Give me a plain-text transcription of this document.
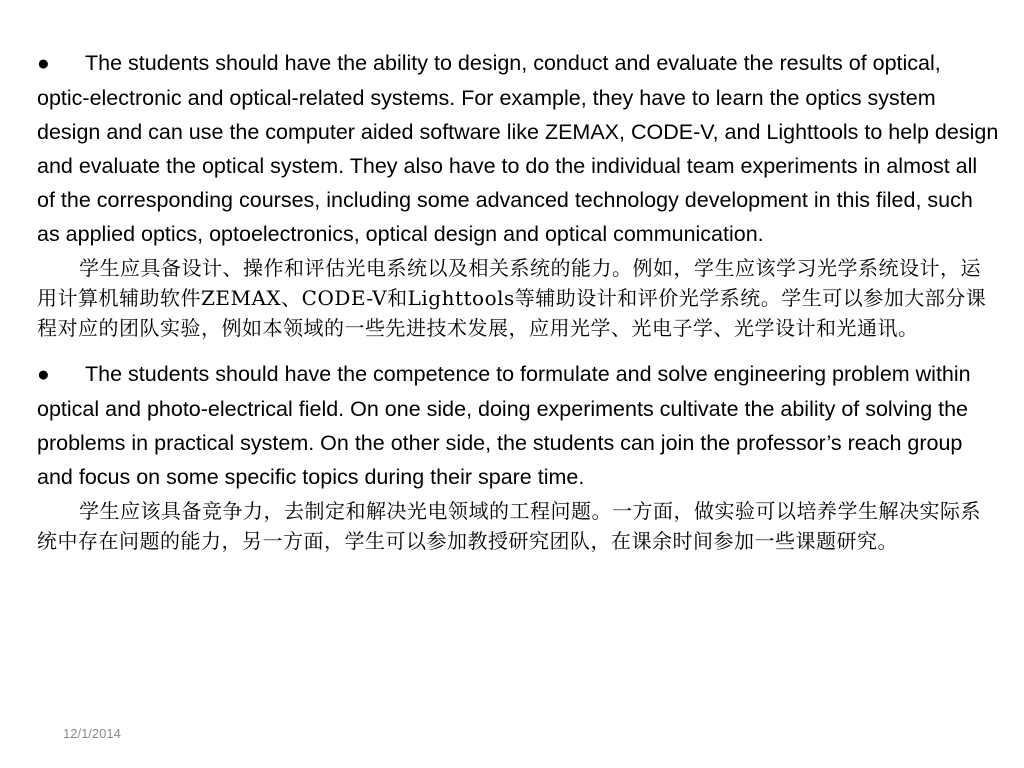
● The students should have the ability to design, conduct and evaluate the results of optical, optic-electronic and optical-related systems. For example, they have to learn the optics system design and can use the computer aided software like ZEMAX, CODE-V, and Lighttools to help design and evaluate the optical system. They also have to do the individual team experiments in almost all of the corresponding courses, including some advanced technology development in this filed, such as applied optics, optoelectronics, optical design and optical communication.

学生应具备设计、操作和评估光电系统以及相关系统的能力。例如，学生应该学习光学系统设计，运用计算机辅助软件ZEMAX、CODE-V和Lighttools等辅助设计和评价光学系统。学生可以参加大部分课程对应的团队实验，例如本领域的一些先进技术发展，应用光学、光电子学、光学设计和光通讯。

● The students should have the competence to formulate and solve engineering problem within optical and photo-electrical field. On one side, doing experiments cultivate the ability of solving the problems in practical system. On the other side, the students can join the professor’s reach group and focus on some specific topics during their spare time.

学生应该具备竞争力，去制定和解决光电领域的工程问题。一方面，做实验可以培养学生解决实际系统中存在问题的能力，另一方面，学生可以参加教授研究团队，在课余时间参加一些课题研究。

12/1/2014
